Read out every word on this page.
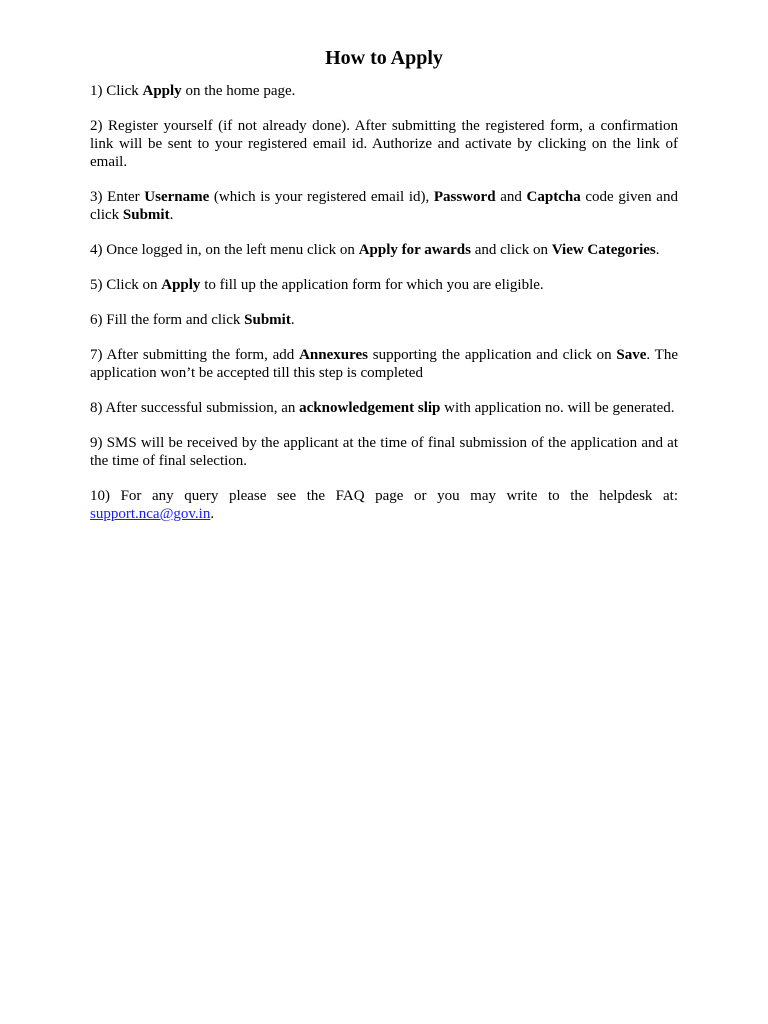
How to Apply
1) Click Apply on the home page.
2) Register yourself (if not already done). After submitting the registered form, a confirmation link will be sent to your registered email id. Authorize and activate by clicking on the link of email.
3) Enter Username (which is your registered email id), Password and Captcha code given and click Submit.
4) Once logged in, on the left menu click on Apply for awards and click on View Categories.
5) Click on Apply to fill up the application form for which you are eligible.
6) Fill the form and click Submit.
7) After submitting the form, add Annexures supporting the application and click on Save. The application won’t be accepted till this step is completed
8) After successful submission, an acknowledgement slip with application no. will be generated.
9) SMS will be received by the applicant at the time of final submission of the application and at the time of final selection.
10) For any query please see the FAQ page or you may write to the helpdesk at: support.nca@gov.in.
